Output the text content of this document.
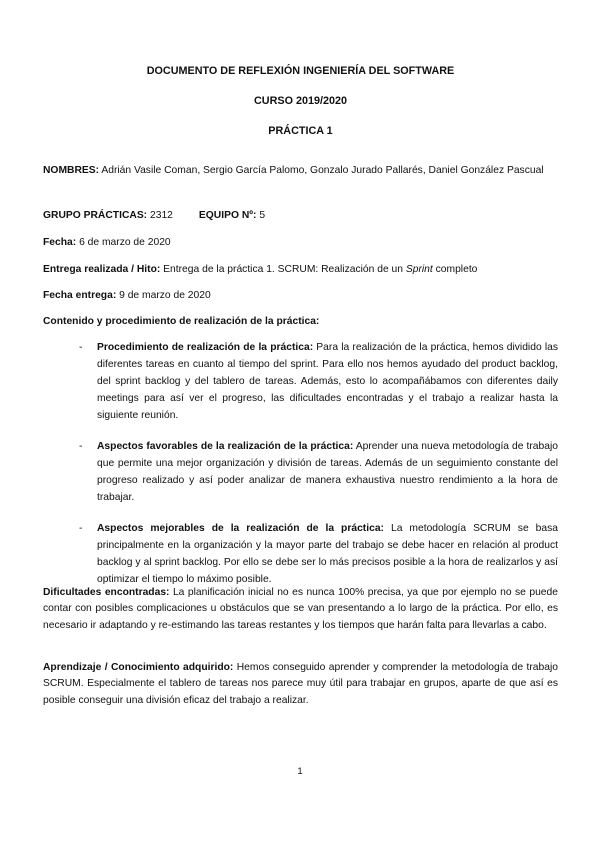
DOCUMENTO DE REFLEXIÓN INGENIERÍA DEL SOFTWARE

CURSO 2019/2020

PRÁCTICA 1

NOMBRES: Adrián Vasile Coman, Sergio García Palomo, Gonzalo Jurado Pallarés, Daniel González Pascual

GRUPO PRÁCTICAS: 2312	EQUIPO Nº: 5

Fecha: 6 de marzo de 2020

Entrega realizada / Hito: Entrega de la práctica 1. SCRUM: Realización de un Sprint completo

Fecha entrega: 9 de marzo de 2020

Contenido y procedimiento de realización de la práctica:

- Procedimiento de realización de la práctica: Para la realización de la práctica, hemos dividido las diferentes tareas en cuanto al tiempo del sprint. Para ello nos hemos ayudado del product backlog, del sprint backlog y del tablero de tareas. Además, esto lo acompañábamos con diferentes daily meetings para así ver el progreso, las dificultades encontradas y el trabajo a realizar hasta la siguiente reunión.
- Aspectos favorables de la realización de la práctica: Aprender una nueva metodología de trabajo que permite una mejor organización y división de tareas. Además de un seguimiento constante del progreso realizado y así poder analizar de manera exhaustiva nuestro rendimiento a la hora de trabajar.
- Aspectos mejorables de la realización de la práctica: La metodología SCRUM se basa principalmente en la organización y la mayor parte del trabajo se debe hacer en relación al product backlog y al sprint backlog. Por ello se debe ser lo más precisos posible a la hora de realizarlos y así optimizar el tiempo lo máximo posible.

Dificultades encontradas: La planificación inicial no es nunca 100% precisa, ya que por ejemplo no se puede contar con posibles complicaciones u obstáculos que se van presentando a lo largo de la práctica. Por ello, es necesario ir adaptando y re-estimando las tareas restantes y los tiempos que harán falta para llevarlas a cabo.

Aprendizaje / Conocimiento adquirido: Hemos conseguido aprender y comprender la metodología de trabajo SCRUM. Especialmente el tablero de tareas nos parece muy útil para trabajar en grupos, aparte de que así es posible conseguir una división eficaz del trabajo a realizar.

1
